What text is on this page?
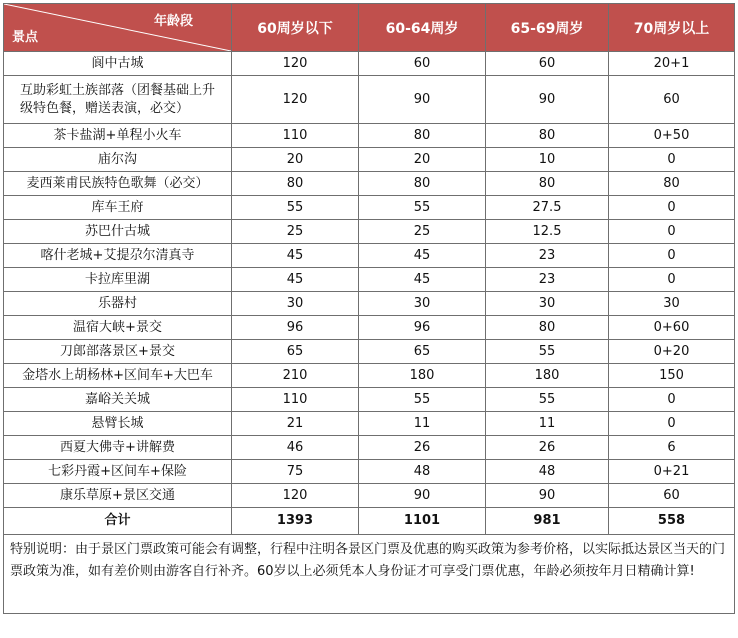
年龄段
景点	60周岁以下	60-64周岁	65-69周岁	70周岁以上
阆中古城	120	60	60	20+1
互助彩虹土族部落（团餐基础上升级特色餐，赠送表演，必交）	120	90	90	60
茶卡盐湖+单程小火车	110	80	80	0+50
庙尔沟	20	20	10	0
麦西莱甫民族特色歌舞（必交）	80	80	80	80
库车王府	55	55	27.5	0
苏巴什古城	25	25	12.5	0
喀什老城+艾提尕尔清真寺	45	45	23	0
卡拉库里湖	45	45	23	0
乐器村	30	30	30	30
温宿大峡+景交	96	96	80	0+60
刀郎部落景区+景交	65	65	55	0+20
金塔水上胡杨林+区间车+大巴车	210	180	180	150
嘉峪关关城	110	55	55	0
悬臂长城	21	11	11	0
西夏大佛寺+讲解费	46	26	26	6
七彩丹霞+区间车+保险	75	48	48	0+21
康乐草原+景区交通	120	90	90	60
合计	1393	1101	981	558
特别说明：由于景区门票政策可能会有调整，行程中注明各景区门票及优惠的购买政策为参考价格，以实际抵达景区当天的门票政策为准，如有差价则由游客自行补齐。60岁以上必须凭本人身份证才可享受门票优惠，年龄必须按年月日精确计算!				
